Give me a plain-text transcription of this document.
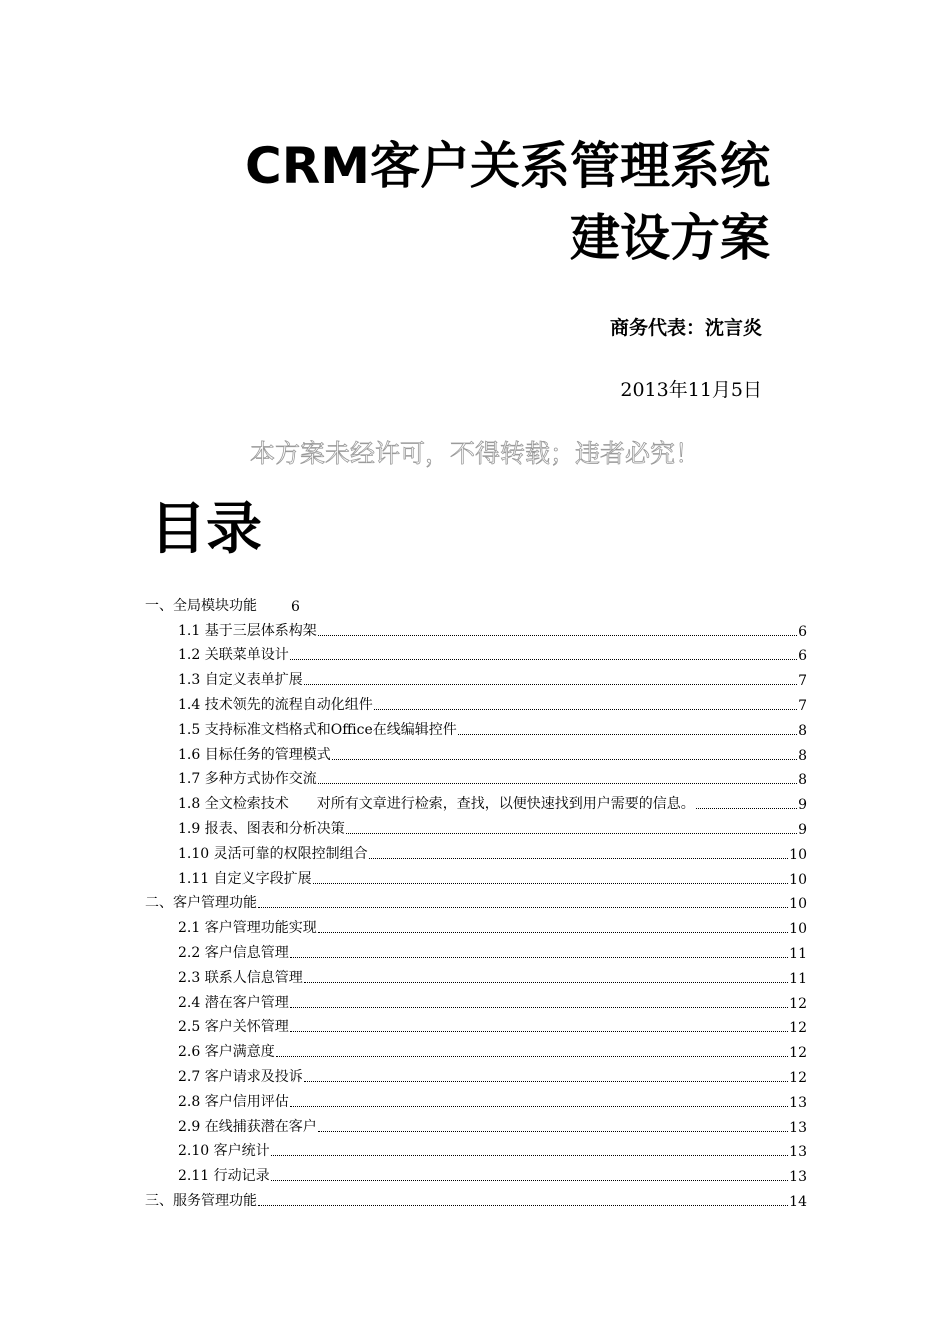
CRM客户关系管理系统
建设方案

商务代表：沈言炎

2013年11月5日

本方案未经许可，不得转载；违者必究！

目录
一、全局模块功能 6
1.1 基于三层体系构架	6
1.2 关联菜单设计	6
1.3 自定义表单扩展	7
1.4 技术领先的流程自动化组件	7
1.5 支持标准文档格式和Office在线编辑控件	8
1.6 目标任务的管理模式	8
1.7 多种方式协作交流	8
1.8 全文检索技术　　对所有文章进行检索，查找，以便快速找到用户需要的信息。	9
1.9 报表、图表和分析决策	9
1.10 灵活可靠的权限控制组合	10
1.11 自定义字段扩展	10
二、客户管理功能	10
2.1 客户管理功能实现	10
2.2 客户信息管理	11
2.3 联系人信息管理	11
2.4 潜在客户管理	12
2.5 客户关怀管理	12
2.6 客户满意度	12
2.7 客户请求及投诉	12
2.8 客户信用评估	13
2.9 在线捕获潜在客户	13
2.10 客户统计	13
2.11 行动记录	13
三、服务管理功能	14
